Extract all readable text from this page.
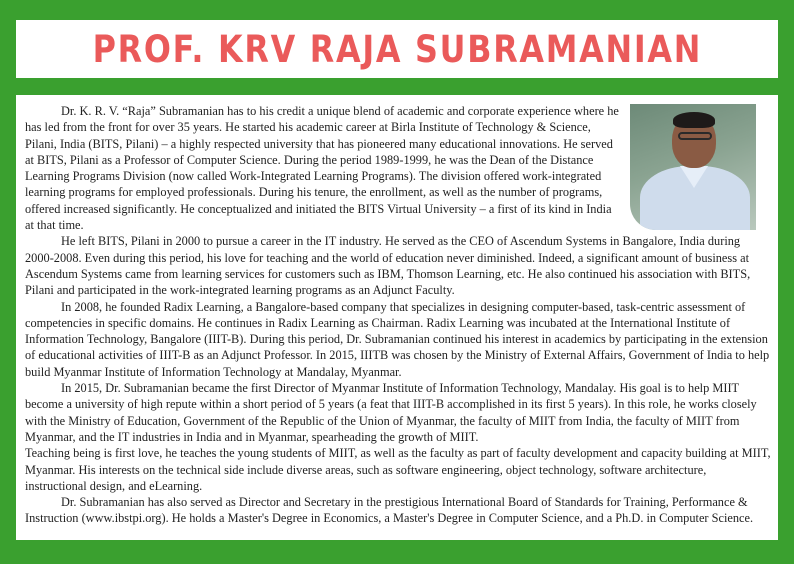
PROF. KRV RAJA SUBRAMANIAN

Dr. K. R. V. “Raja” Subramanian has to his credit a unique blend of academic and corporate experience where he has led from the front for over 35 years. He started his academic career at Birla Institute of Technology & Science, Pilani, India (BITS, Pilani) – a highly respected university that has pioneered many educational innovations. He served at BITS, Pilani as a Professor of Computer Science. During the period 1989-1999, he was the Dean of the Distance Learning Programs Division (now called Work-Integrated Learning Programs). The division offered work-integrated learning programs for employed professionals. During his tenure, the enrollment, as well as the number of programs, offered increased significantly. He conceptualized and initiated the BITS Virtual University – a first of its kind in India at that time.

He left BITS, Pilani in 2000 to pursue a career in the IT industry. He served as the CEO of Ascendum Systems in Bangalore, India during 2000-2008. Even during this period, his love for teaching and the world of education never diminished. Indeed, a significant amount of business at Ascendum Systems came from learning services for customers such as IBM, Thomson Learning, etc. He also continued his association with BITS, Pilani and participated in the work-integrated learning programs as an Adjunct Faculty.

In 2008, he founded Radix Learning, a Bangalore-based company that specializes in designing computer-based, task-centric assessment of competencies in specific domains. He continues in Radix Learning as Chairman. Radix Learning was incubated at the International Institute of Information Technology, Bangalore (IIIT-B). During this period, Dr. Subramanian continued his interest in academics by participating in the extension of educational activities of IIIT-B as an Adjunct Professor. In 2015, IIITB was chosen by the Ministry of External Affairs, Government of India to help build Myanmar Institute of Information Technology at Mandalay, Myanmar.

In 2015, Dr. Subramanian became the first Director of Myanmar Institute of Information Technology, Mandalay. His goal is to help MIIT become a university of high repute within a short period of 5 years (a feat that IIIT-B accomplished in its first 5 years). In this role, he works closely with the Ministry of Education, Government of the Republic of the Union of Myanmar, the faculty of MIIT from India, the faculty of MIIT from Myanmar, and the IT industries in India and in Myanmar, spearheading the growth of MIIT.

Teaching being is first love, he teaches the young students of MIIT, as well as the faculty as part of faculty development and capacity building at MIIT, Myanmar. His interests on the technical side include diverse areas, such as software engineering, object technology, software architecture, instructional design, and eLearning.

Dr. Subramanian has also served as Director and Secretary in the prestigious International Board of Standards for Training, Performance & Instruction (www.ibstpi.org). He holds a Master's Degree in Economics, a Master's Degree in Computer Science, and a Ph.D. in Computer Science.
